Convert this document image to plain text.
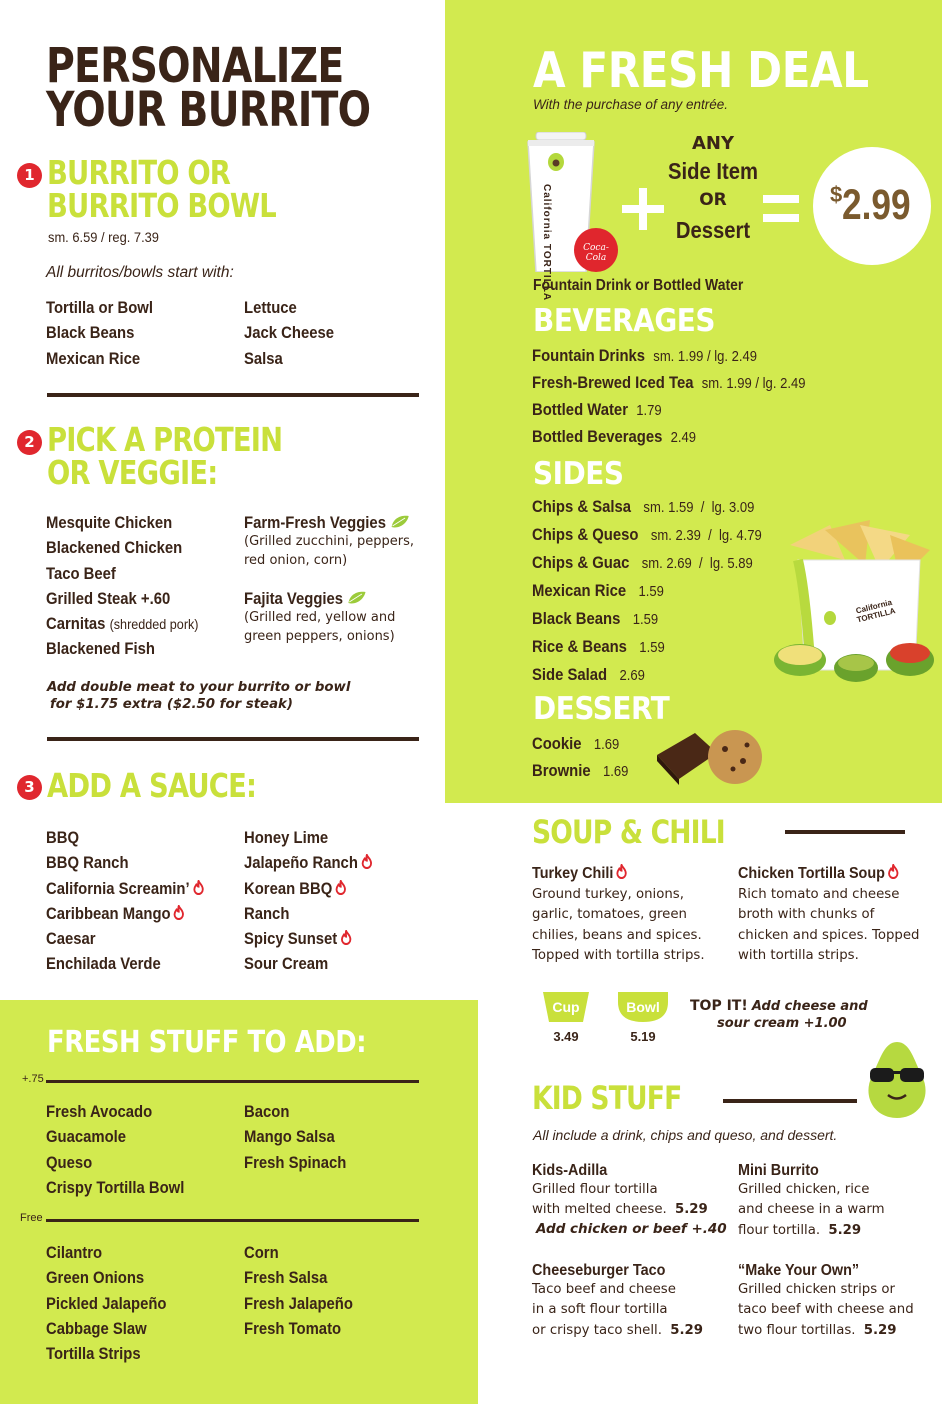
PERSONALIZE
YOUR BURRITO
1 BURRITO OR
BURRITO BOWL
sm. 6.59 / reg. 7.39
All burritos/bowls start with:
Tortilla or Bowl
Black Beans
Mexican Rice
Lettuce
Jack Cheese
Salsa
2 PICK A PROTEIN
OR VEGGIE:
Mesquite Chicken
Blackened Chicken
Taco Beef
Grilled Steak +.60
Carnitas (shredded pork)
Blackened Fish
Farm-Fresh Veggies
(Grilled zucchini, peppers, red onion, corn)
Fajita Veggies
(Grilled red, yellow and green peppers, onions)
Add double meat to your burrito or bowl
for $1.75 extra ($2.50 for steak)
3 ADD A SAUCE:
BBQ
BBQ Ranch
California Screamin’
Caribbean Mango
Caesar
Enchilada Verde
Honey Lime
Jalapeño Ranch
Korean BBQ
Ranch
Spicy Sunset
Sour Cream
FRESH STUFF TO ADD:
+.75
Fresh Avocado
Guacamole
Queso
Crispy Tortilla Bowl
Bacon
Mango Salsa
Fresh Spinach
Free
Cilantro
Green Onions
Pickled Jalapeño
Cabbage Slaw
Tortilla Strips
Corn
Fresh Salsa
Fresh Jalapeño
Fresh Tomato
A FRESH DEAL
With the purchase of any entrée.
California TORTILLA	Coca-Cola
ANY
Side Item
OR
Dessert
$2.99
Fountain Drink or Bottled Water
BEVERAGES
Fountain Drinks sm. 1.99 / lg. 2.49
Fresh-Brewed Iced Tea sm. 1.99 / lg. 2.49
Bottled Water 1.79
Bottled Beverages 2.49
SIDES
Chips & Salsa sm. 1.59  /  lg. 3.09
Chips & Queso sm. 2.39  /  lg. 4.79
Chips & Guac sm. 2.69  /  lg. 5.89
Mexican Rice 1.59
Black Beans 1.59
Rice & Beans 1.59
Side Salad 2.69
California TORTILLA
DESSERT
Cookie 1.69
Brownie 1.69
SOUP & CHILI
Turkey Chili
Ground turkey, onions, garlic, tomatoes, green chilies, beans and spices. Topped with tortilla strips.
Chicken Tortilla Soup
Rich tomato and cheese broth with chunks of chicken and spices. Topped with tortilla strips.
Cup
3.49
Bowl
5.19
TOP IT! Add cheese and
sour cream +1.00
KID STUFF
All include a drink, chips and queso, and dessert.
Kids-Adilla
Grilled flour tortilla
with melted cheese. 5.29
Add chicken or beef +.40
Mini Burrito
Grilled chicken, rice
and cheese in a warm
flour tortilla. 5.29
Cheeseburger Taco
Taco beef and cheese
in a soft flour tortilla
or crispy taco shell. 5.29
“Make Your Own”
Grilled chicken strips or
taco beef with cheese and
two flour tortillas. 5.29
